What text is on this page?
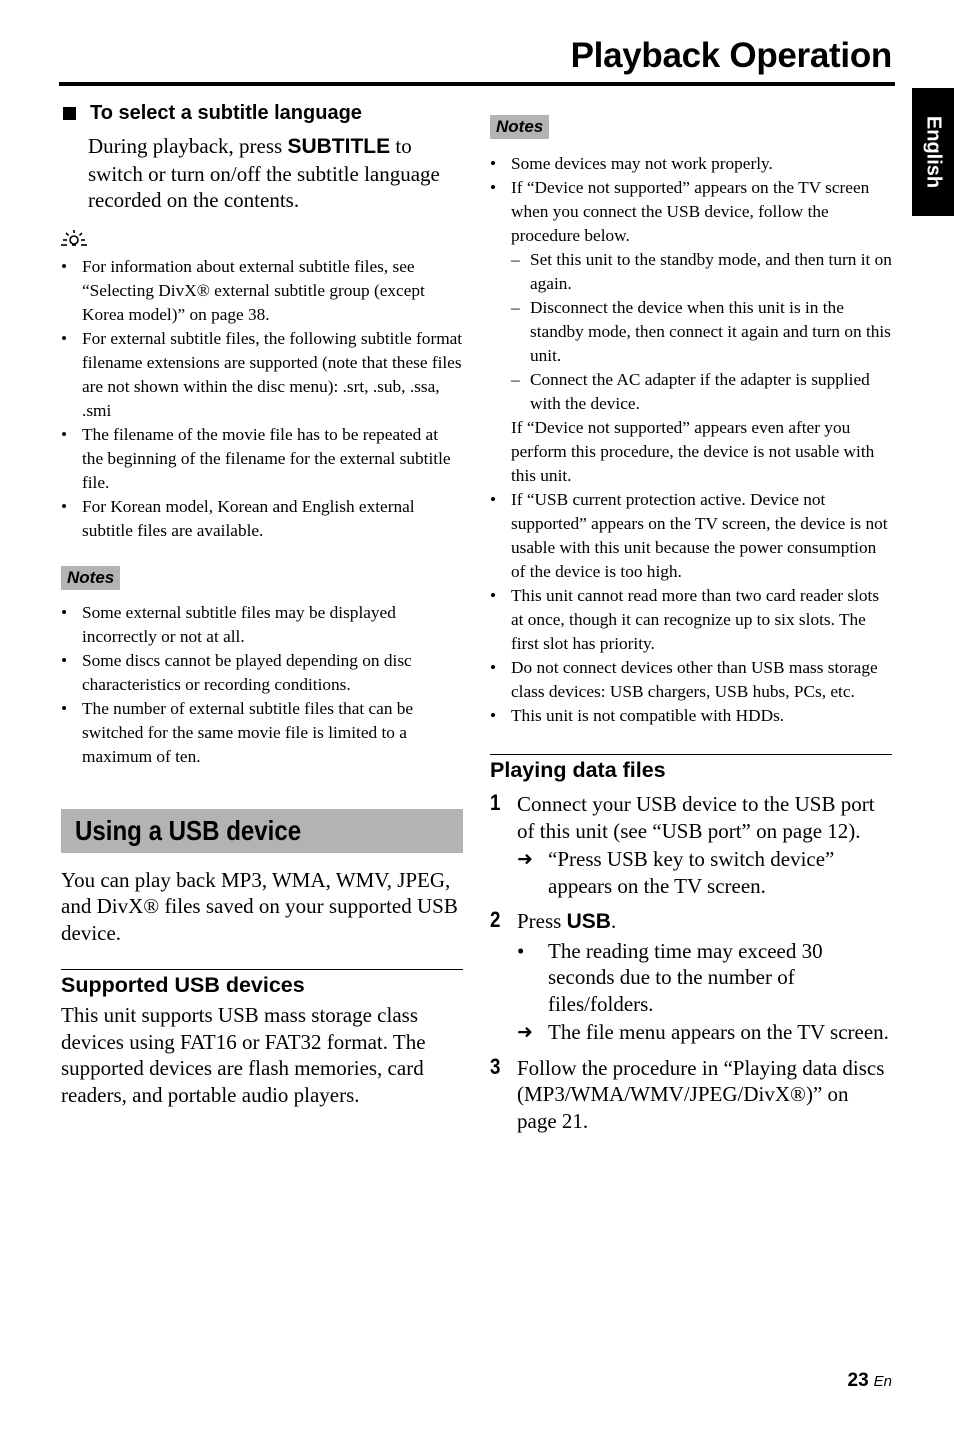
Playback Operation
English
To select a subtitle language
During playback, press SUBTITLE to switch or turn on/off the subtitle language recorded on the contents.
• For information about external subtitle files, see “Selecting DivX® external subtitle group (except Korea model)” on page 38.
• For external subtitle files, the following subtitle format filename extensions are supported (note that these files are not shown within the disc menu): .srt, .sub, .ssa, .smi
• The filename of the movie file has to be repeated at the beginning of the filename for the external subtitle file.
• For Korean model, Korean and English external subtitle files are available.
Notes
• Some external subtitle files may be displayed incorrectly or not at all.
• Some discs cannot be played depending on disc characteristics or recording conditions.
• The number of external subtitle files that can be switched for the same movie file is limited to a maximum of ten.
Using a USB device
You can play back MP3, WMA, WMV, JPEG, and DivX® files saved on your supported USB device.
Supported USB devices
This unit supports USB mass storage class devices using FAT16 or FAT32 format. The supported devices are flash memories, card readers, and portable audio players.
Notes
• Some devices may not work properly.
• If “Device not supported” appears on the TV screen when you connect the USB device, follow the procedure below.
– Set this unit to the standby mode, and then turn it on again.
– Disconnect the device when this unit is in the standby mode, then connect it again and turn on this unit.
– Connect the AC adapter if the adapter is supplied with the device.
If “Device not supported” appears even after you perform this procedure, the device is not usable with this unit.
• If “USB current protection active. Device not supported” appears on the TV screen, the device is not usable with this unit because the power consumption of the device is too high.
• This unit cannot read more than two card reader slots at once, though it can recognize up to six slots. The first slot has priority.
• Do not connect devices other than USB mass storage class devices: USB chargers, USB hubs, PCs, etc.
• This unit is not compatible with HDDs.
Playing data files
1 Connect your USB device to the USB port of this unit (see “USB port” on page 12).
➜ “Press USB key to switch device” appears on the TV screen.
2 Press USB.
• The reading time may exceed 30 seconds due to the number of files/folders.
➜ The file menu appears on the TV screen.
3 Follow the procedure in “Playing data discs (MP3/WMA/WMV/JPEG/DivX®)” on page 21.
23 En
